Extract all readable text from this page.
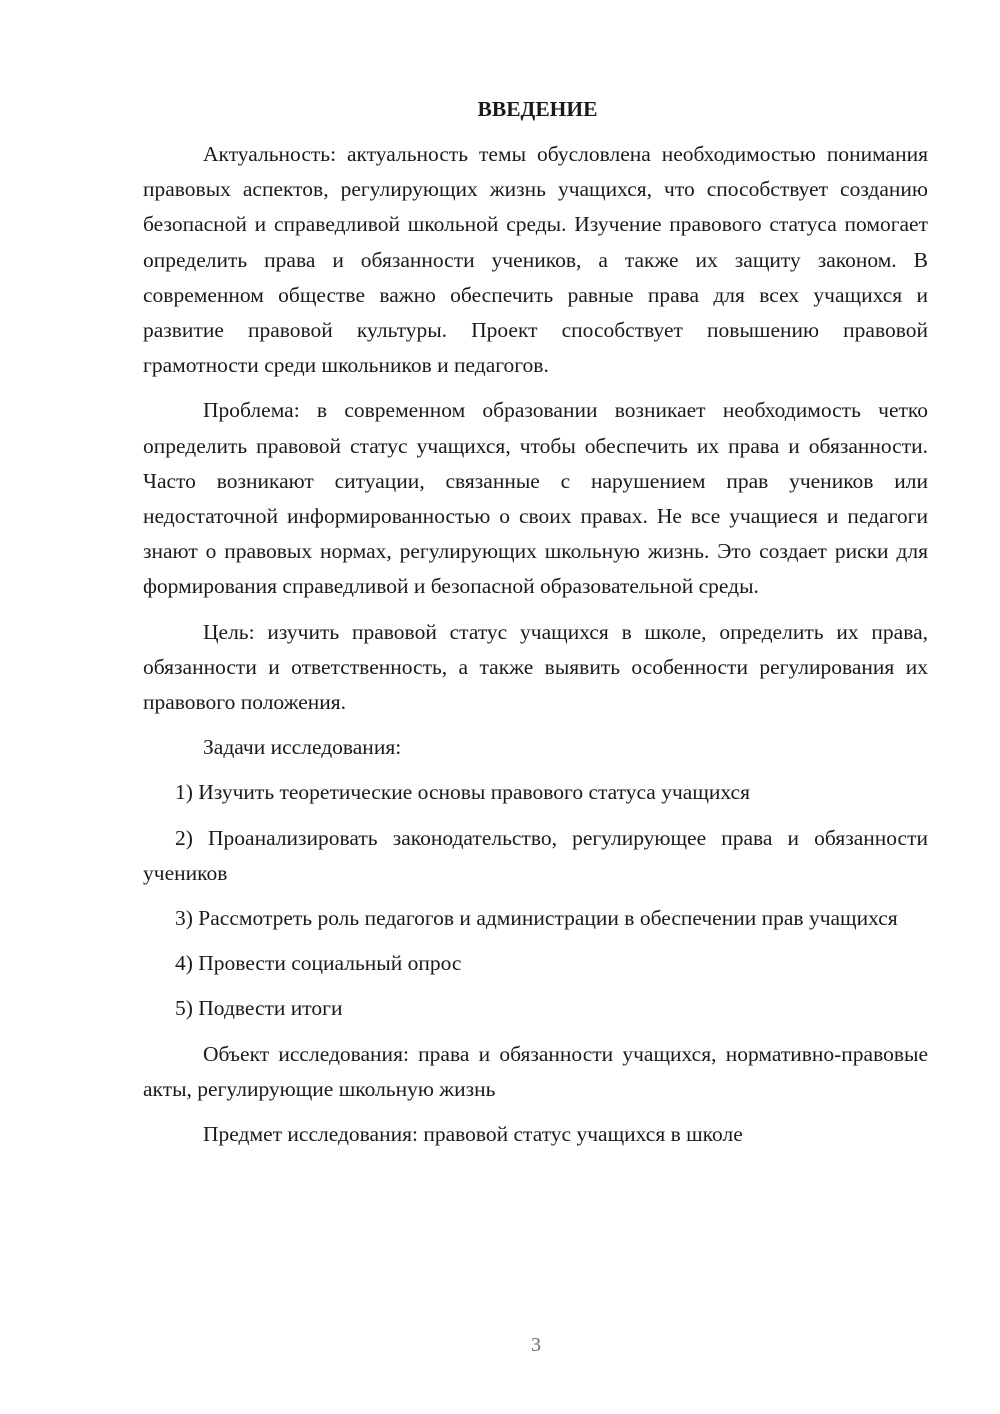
ВВЕДЕНИЕ

Актуальность: актуальность темы обусловлена необходимостью понимания правовых аспектов, регулирующих жизнь учащихся, что способствует созданию безопасной и справедливой школьной среды. Изучение правового статуса помогает определить права и обязанности учеников, а также их защиту законом. В современном обществе важно обеспечить равные права для всех учащихся и развитие правовой культуры. Проект способствует повышению правовой грамотности среди школьников и педагогов.

Проблема: в современном образовании возникает необходимость четко определить правовой статус учащихся, чтобы обеспечить их права и обязанности. Часто возникают ситуации, связанные с нарушением прав учеников или недостаточной информированностью о своих правах. Не все учащиеся и педагоги знают о правовых нормах, регулирующих школьную жизнь. Это создает риски для формирования справедливой и безопасной образовательной среды.

Цель: изучить правовой статус учащихся в школе, определить их права, обязанности и ответственность, а также выявить особенности регулирования их правового положения.

Задачи исследования:

1) Изучить теоретические основы правового статуса учащихся

2) Проанализировать законодательство, регулирующее права и обязанности учеников

3) Рассмотреть роль педагогов и администрации в обеспечении прав учащихся

4) Провести социальный опрос

5) Подвести итоги

Объект исследования: права и обязанности учащихся, нормативно-правовые акты, регулирующие школьную жизнь

Предмет исследования: правовой статус учащихся в школе

3
